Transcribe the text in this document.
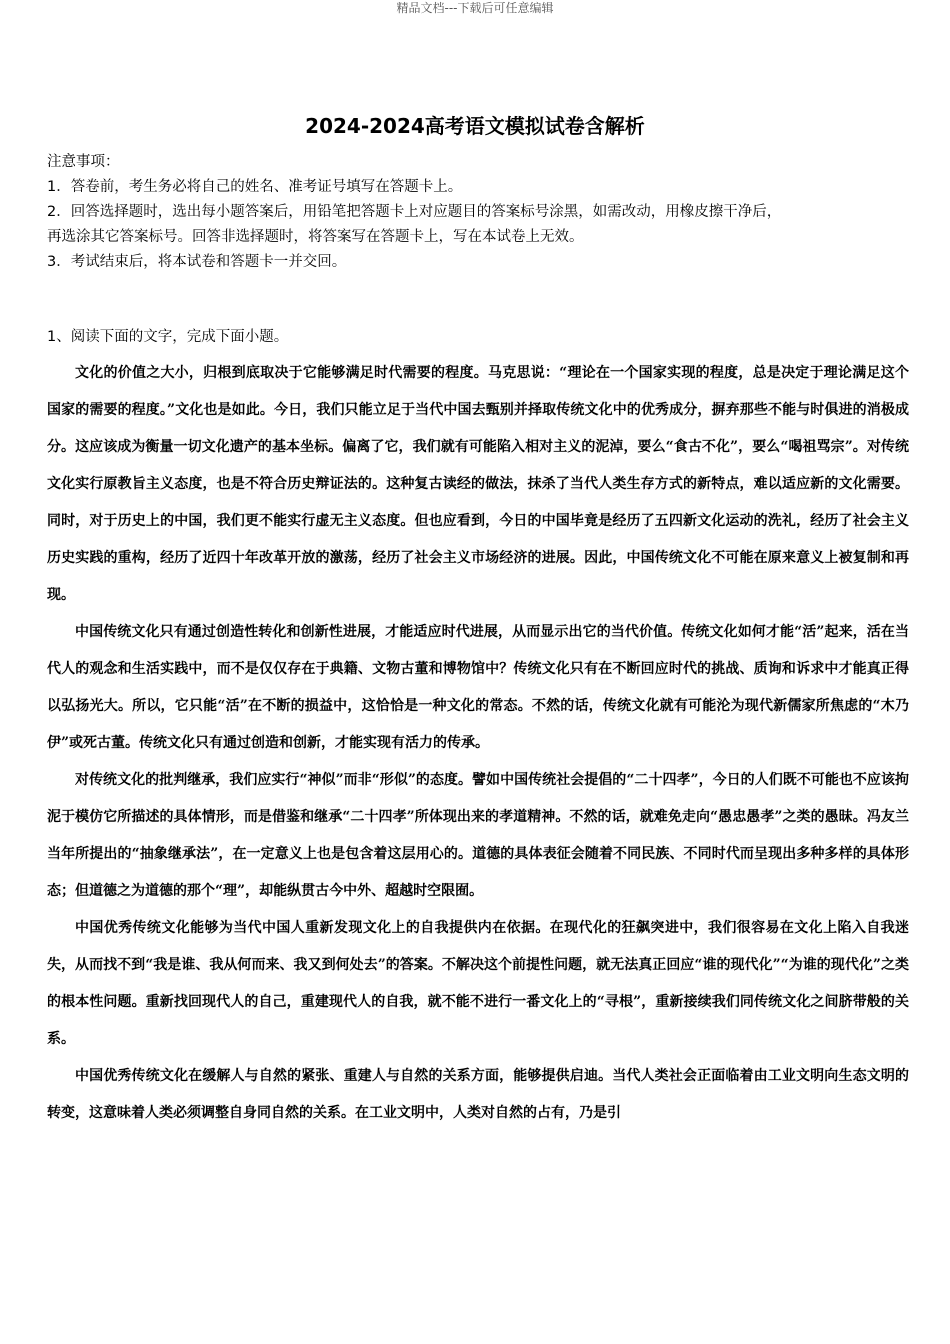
精品文档---下载后可任意编辑
2024-2024高考语文模拟试卷含解析
注意事项：
1．答卷前，考生务必将自己的姓名、准考证号填写在答题卡上。
2．回答选择题时，选出每小题答案后，用铅笔把答题卡上对应题目的答案标号涂黑，如需改动，用橡皮擦干净后，
再选涂其它答案标号。回答非选择题时，将答案写在答题卡上，写在本试卷上无效。
3．考试结束后，将本试卷和答题卡一并交回。
1、阅读下面的文字，完成下面小题。

文化的价值之大小，归根到底取决于它能够满足时代需要的程度。马克思说：“理论在一个国家实现的程度，总是决定于理论满足这个国家的需要的程度。”文化也是如此。今日，我们只能立足于当代中国去甄别并择取传统文化中的优秀成分，摒弃那些不能与时俱进的消极成分。这应该成为衡量一切文化遗产的基本坐标。偏离了它，我们就有可能陷入相对主义的泥淖，要么“食古不化”，要么“喝祖骂宗”。对传统文化实行原教旨主义态度，也是不符合历史辩证法的。这种复古读经的做法，抹杀了当代人类生存方式的新特点，难以适应新的文化需要。同时，对于历史上的中国，我们更不能实行虚无主义态度。但也应看到，今日的中国毕竟是经历了五四新文化运动的洗礼，经历了社会主义历史实践的重构，经历了近四十年改革开放的激荡，经历了社会主义市场经济的进展。因此，中国传统文化不可能在原来意义上被复制和再现。

中国传统文化只有通过创造性转化和创新性进展，才能适应时代进展，从而显示出它的当代价值。传统文化如何才能“活”起来，活在当代人的观念和生活实践中，而不是仅仅存在于典籍、文物古董和博物馆中？传统文化只有在不断回应时代的挑战、质询和诉求中才能真正得以弘扬光大。所以，它只能“活”在不断的损益中，这恰恰是一种文化的常态。不然的话，传统文化就有可能沦为现代新儒家所焦虑的“木乃伊”或死古董。传统文化只有通过创造和创新，才能实现有活力的传承。

对传统文化的批判继承，我们应实行“神似”而非“形似”的态度。譬如中国传统社会提倡的“二十四孝”，今日的人们既不可能也不应该拘泥于模仿它所描述的具体情形，而是借鉴和继承“二十四孝”所体现出来的孝道精神。不然的话，就难免走向“愚忠愚孝”之类的愚昧。冯友兰当年所提出的“抽象继承法”，在一定意义上也是包含着这层用心的。道德的具体表征会随着不同民族、不同时代而呈现出多种多样的具体形态；但道德之为道德的那个“理”，却能纵贯古今中外、超越时空限囿。

中国优秀传统文化能够为当代中国人重新发现文化上的自我提供内在依据。在现代化的狂飙突进中，我们很容易在文化上陷入自我迷失，从而找不到“我是谁、我从何而来、我又到何处去”的答案。不解决这个前提性问题，就无法真正回应“谁的现代化”“为谁的现代化”之类的根本性问题。重新找回现代人的自己，重建现代人的自我，就不能不进行一番文化上的“寻根”，重新接续我们同传统文化之间脐带般的关系。

中国优秀传统文化在缓解人与自然的紧张、重建人与自然的关系方面，能够提供启迪。当代人类社会正面临着由工业文明向生态文明的转变，这意味着人类必须调整自身同自然的关系。在工业文明中，人类对自然的占有，乃是引
